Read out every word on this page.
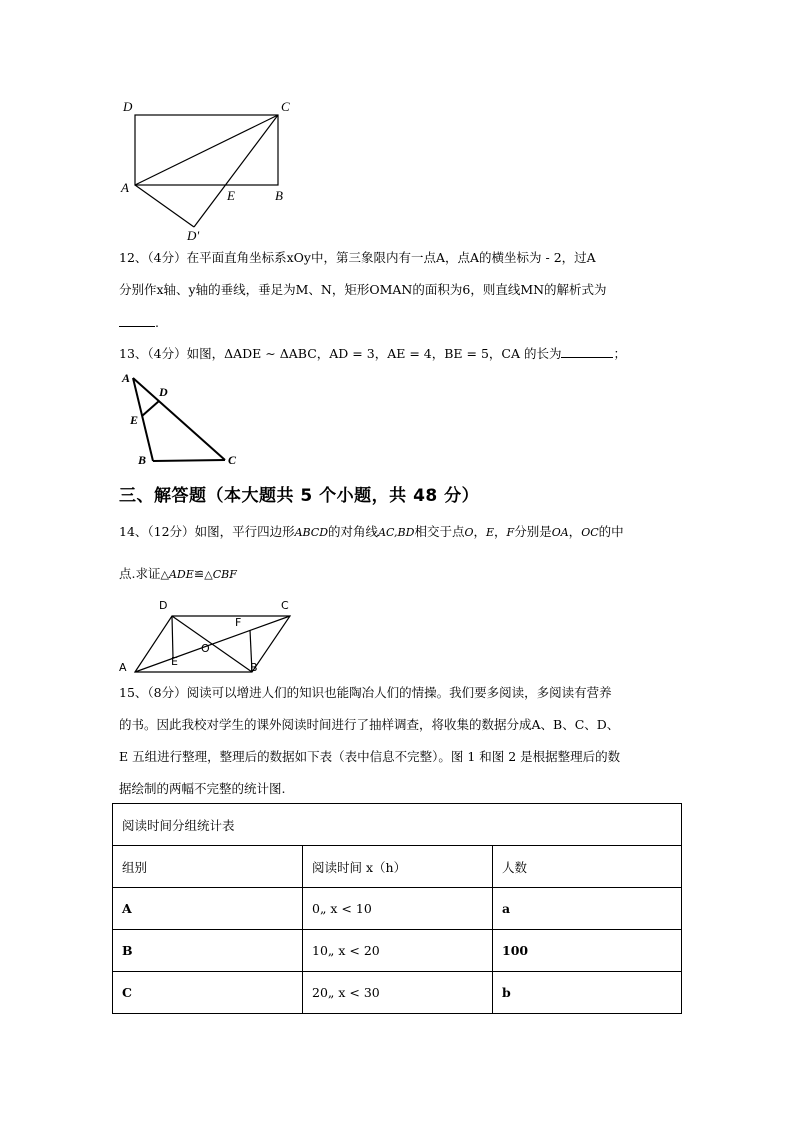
D	C
A
E	B
D'
12、（4分）在平面直角坐标系xOy中，第三象限内有一点A，点A的横坐标为 - 2，过A
分别作x轴、y轴的垂线，垂足为M、N，矩形OMAN的面积为6，则直线MN的解析式为
.
13、（4分）如图，ΔADE ∼ ΔABC，AD = 3，AE = 4，BE = 5，CA 的长为	；
A
D
E
B	C
三、解答题（本大题共 5 个小题，共 48 分）
14、（12分）如图，平行四边形ABCD的对角线AC,BD相交于点O，E，F分别是OA，OC的中
点.求证△ADE≌△CBF
D	C
F
O
A	E	B
15、（8分）阅读可以增进人们的知识也能陶冶人们的情操。我们要多阅读，多阅读有营养
的书。因此我校对学生的课外阅读时间进行了抽样调查，将收集的数据分成A、B、C、D、
E 五组进行整理，整理后的数据如下表（表中信息不完整）。图 1 和图 2 是根据整理后的数
据绘制的两幅不完整的统计图.
阅读时间分组统计表		
组别	阅读时间 x（h）	人数
A	0„ x < 10	a
B	10„ x < 20	100
C	20„ x < 30	b
